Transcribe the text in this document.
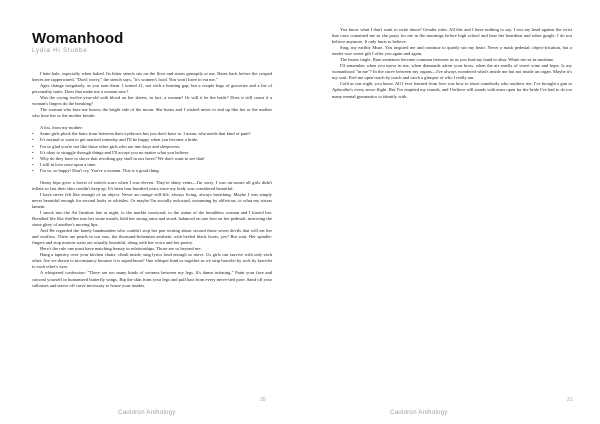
Womanhood
Lydia Hi Stubbe

I hate kale, especially when baked. Its bitter stench sits on the floor and stares grumpily at me. Hates back before the crisped leaves are tapperwared. "Don't worry," the stench says, "it's women's food. You won't have to eat me."

Ages change irregularly, as you earn them. I turned 21, not with a burning gap, but a couple bags of groceries and a list of personality traits. Does that make me a woman now?

Was the crying twelve-year-old with blood on her sheets, in fact, a woman? Or will it be the bride? Does it still count if a woman's fingers do the breaking?

The woman who bore me knows the bright side of the moon. She burns and I wished never to end up like her or the mother who bore her or the mother beside.

A list, from my mother:

• Some girls pluck the hairs from between their eyebrows but you don't have to. I mean, who needs that kind of pain?
• It's normal to want to get married someday and I'll be happy when you become a bride.
• I'm so glad you're not like those other girls who are into boys and sleepovers.
• It's okay to struggle through things and I'll accept you no matter what you believe.
• Why do they have to shove that revolting gay stuff in our faces? We don't want to see that!
• I still in love once upon a time.
• I'm so, so happy! Don't cry. You're a woman. This is a good thing.

Onmy hips grew a forest of stretch scars when I was eleven. They're shiny veins—I'm sorry. I was un-aware all girls didn't inflate so fast their skin couldn't keep up. It's been four hundred years since my body was considered beautiful.

I have never felt like enough of an object. Never an orange still-life, always living, always breathing. Maybe I was simply never beautiful enough for second looks or whistles. Or maybe I'm socially awkward, swimming by oblivious, to what my sisters lament.

I snuck into the Art Institute late at night, to the marble courtyard, to the statue of the breathless woman and I kissed her. Breathed life like fireflies into her stone mouth, held her strong arms and stood, balanced on one foot on her pedestal, mirroring the stone glory of another's moving lips.

And He regarded the lonely handmaiden who couldn't stop her pen writing about second those seven devils that will eat her and swallow. There are pearls in our ears, the thousand-bohemian aesthetic with heeled black boots, yes? But wait. Her spindle-fingers and stop motion waist are actually beautiful, along with her voice and her poetry.

Here's the rule one must have matching beauty in relationships. Those are so beyond me.

Hang a tapestry over your kitchen chairs, climb inside, sing lyrics loud enough so move. Us girls can survive with only each other. Are we drawn to inconstancy because it is superfluous? One whisper bind us together as we strip bracelet by rock by bracelet to each other's eyes.

A whispered confession: "There are too many kinds of wetness between my legs. It's damn irritating." Paint your face and conceal yourself in humanized butterfly wings. Rip the skin from your legs and pull hair from every nerve-tied pore. Sand off your callouses and starve off carve necessary to house your insides.

20
Cauldron Anthology

You know what I don't want to write about? Gender roles. All this and I have nothing to say. I rest my head against the wrist that once contained me as she prays for me in the mornings before high school and hear her heartbeat and tubes gurgle. I do not believe anymore. It only hurts to believe.

Sing, my earthly Muse. You inspired me and continue to quietly stir my heart. Never a mask pedestal: object-ification, but a tender rose sweet gift I offer you again and again.

The hearts tingle. Rare sentences become common between us as you lead my hand to altar. White iris-es in sunshine.

I'll remember when you move in me, when diamonds adorn your brow, when the air smells of sweet wine and hope. Is my womanhood "in me"? In the curve between my organs—I've always wondered what's inside me but not inside an organ. Maybe it's my soul. Feel me open touch by touch and catch a glimpse of who I really am.

Cold as war night, you know. All I ever learned from love was how to shoot somebody who outdrew me. I've brought a gun to Aphrodite's every snow-flight. But I've emptied my rounds, and I believe still stands with arms open for the bride I've had to do too many mental gymnastics to identify with.

21
Cauldron Anthology
